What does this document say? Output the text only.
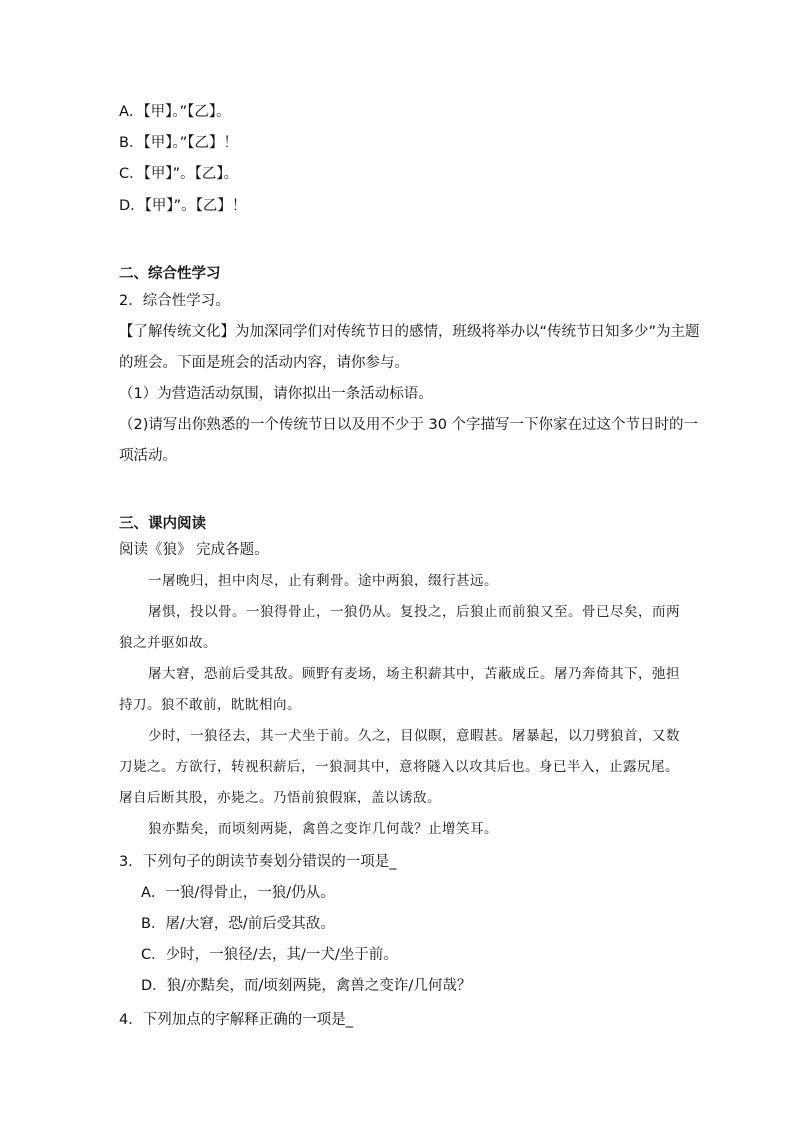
A．【甲】。”【乙】。
B．【甲】。”【乙】！
C．【甲】”。【乙】。
D．【甲】”。【乙】！
二、综合性学习
2．综合性学习。
【了解传统文化】为加深同学们对传统节日的感情，班级将举办以“传统节日知多少”为主题
的班会。下面是班会的活动内容，请你参与。
（1）为营造活动氛围，请你拟出一条活动标语。
（2)请写出你熟悉的一个传统节日以及用不少于 30 个字描写一下你家在过这个节日时的一
项活动。
三、课内阅读
阅读《狼》 完成各题。
一屠晚归，担中肉尽，止有剩骨。途中两狼，缀行甚远。
屠惧，投以骨。一狼得骨止，一狼仍从。复投之，后狼止而前狼又至。骨已尽矣，而两
狼之并驱如故。
屠大窘，恐前后受其敌。顾野有麦场，场主积薪其中，苫蔽成丘。屠乃奔倚其下，弛担
持刀。狼不敢前，眈眈相向。
少时，一狼径去，其一犬坐于前。久之，目似瞑，意暇甚。屠暴起，以刀劈狼首，又数
刀毙之。方欲行，转视积薪后，一狼洞其中，意将隧入以攻其后也。身已半入，止露尻尾。
屠自后断其股，亦毙之。乃悟前狼假寐，盖以诱敌。
狼亦黠矣，而顷刻两毙，禽兽之变诈几何哉？止增笑耳。
3．下列句子的朗读节奏划分错误的一项是_
A．一狼/得骨止，一狼/仍从。
B．屠/大窘，恐/前后受其敌。
C．少时，一狼径/去，其/一犬/坐于前。
D．狼/亦黠矣，而/顷刻两毙，禽兽之变诈/几何哉？
4．下列加点的字解释正确的一项是_
